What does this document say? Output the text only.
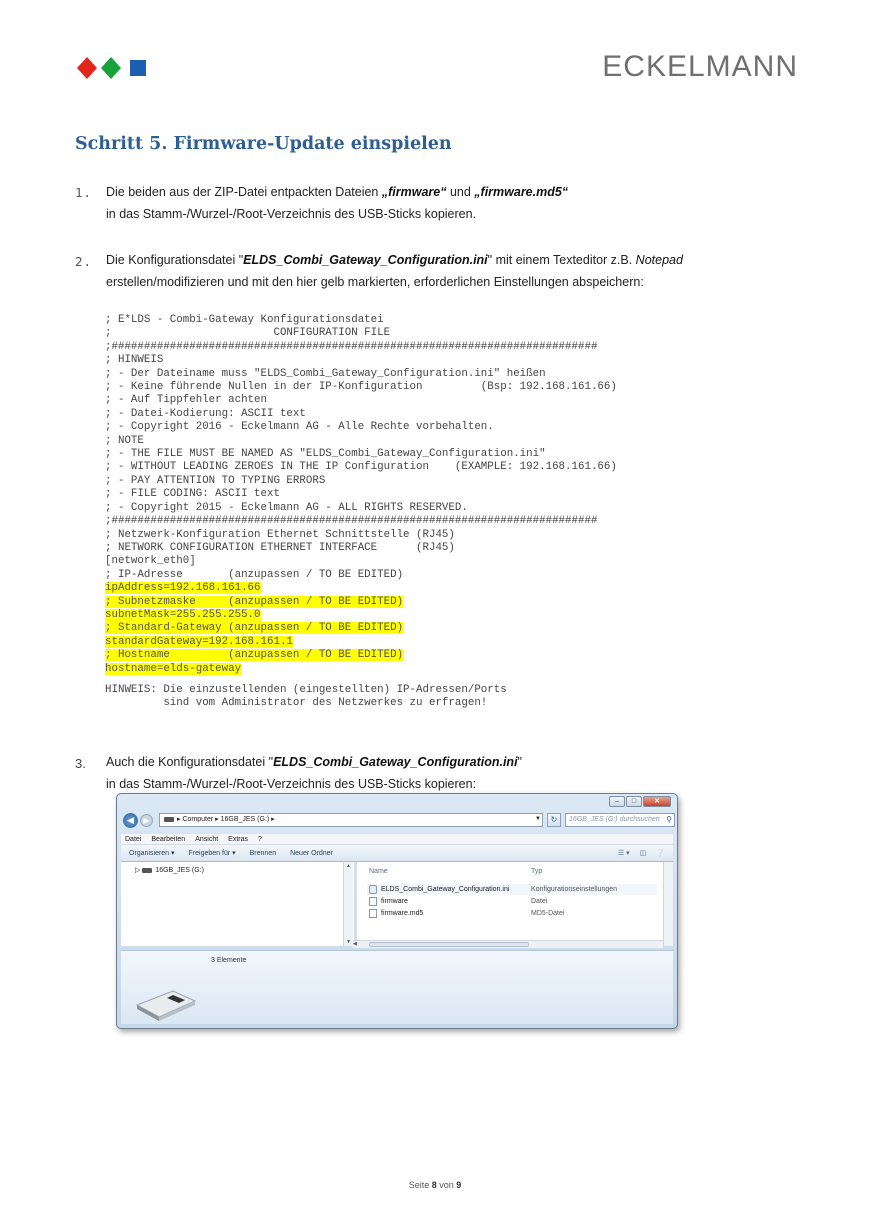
ECKELMANN
Schritt 5. Firmware-Update einspielen
1. Die beiden aus der ZIP-Datei entpackten Dateien „firmware“ und „firmware.md5“
in das Stamm-/Wurzel-/Root-Verzeichnis des USB-Sticks kopieren.
2. Die Konfigurationsdatei "ELDS_Combi_Gateway_Configuration.ini" mit einem Texteditor z.B. Notepad
erstellen/modifizieren und mit den hier gelb markierten, erforderlichen Einstellungen abspeichern:
; E*LDS - Combi-Gateway Konfigurationsdatei
;                         CONFIGURATION FILE
;###########################################################################
; HINWEIS
; - Der Dateiname muss "ELDS_Combi_Gateway_Configuration.ini" heißen
; - Keine führende Nullen in der IP-Konfiguration         (Bsp: 192.168.161.66)
; - Auf Tippfehler achten
; - Datei-Kodierung: ASCII text
; - Copyright 2016 - Eckelmann AG - Alle Rechte vorbehalten.
; NOTE
; - THE FILE MUST BE NAMED AS "ELDS_Combi_Gateway_Configuration.ini"
; - WITHOUT LEADING ZEROES IN THE IP Configuration    (EXAMPLE: 192.168.161.66)
; - PAY ATTENTION TO TYPING ERRORS
; - FILE CODING: ASCII text
; - Copyright 2015 - Eckelmann AG - ALL RIGHTS RESERVED.
;###########################################################################
; Netzwerk-Konfiguration Ethernet Schnittstelle (RJ45)
; NETWORK CONFIGURATION ETHERNET INTERFACE      (RJ45)
[network_eth0]
; IP-Adresse       (anzupassen / TO BE EDITED)
ipAddress=192.168.161.66
; Subnetzmaske     (anzupassen / TO BE EDITED)
subnetMask=255.255.255.0
; Standard-Gateway (anzupassen / TO BE EDITED)
standardGateway=192.168.161.1
; Hostname         (anzupassen / TO BE EDITED)
hostname=elds-gateway
HINWEIS: Die einzustellenden (eingestellten) IP-Adressen/Ports
sind vom Administrator des Netzwerkes zu erfragen!
3. Auch die Konfigurationsdatei "ELDS_Combi_Gateway_Configuration.ini"
in das Stamm-/Wurzel-/Root-Verzeichnis des USB-Sticks kopieren:
–	□	✕
◀	▶	▸ Computer ▸ 16GB_JES (G:) ▸	▼	↻	16GB_JES (G:) durchsuchen ⚲
Datei Bearbeiten Ansicht Extras ?
Organisieren ▾ Freigeben für ▾ Brennen Neuer Ordner	☰ ▾ ◫ ❔
▷ 16GB_JES (G:)
▲
▼
Name	Typ
ELDS_Combi_Gateway_Configuration.ini	Konfigurationseinstellungen
firmware	Datei
firmware.md5	MD5-Datei
◀
3 Elemente
Seite 8 von 9
